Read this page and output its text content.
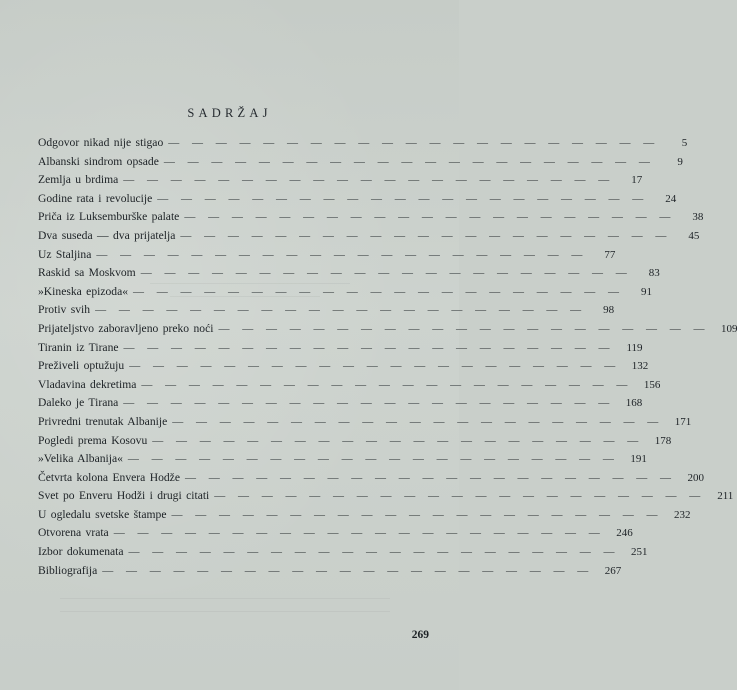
SADRŽAJ
Odgovor nikad nije stigao — — — — — — — — — — — — — — — — — — — — —	5
Albanski sindrom opsade — — — — — — — — — — — — — — — — — — — — —	9
Zemlja u brdima — — — — — — — — — — — — — — — — — — — — —	17
Godine rata i revolucije — — — — — — — — — — — — — — — — — — — — —	24
Priča iz Luksemburške palate — — — — — — — — — — — — — — — — — — — — —	38
Dva suseda — dva prijatelja — — — — — — — — — — — — — — — — — — — — —	45
Uz Staljina — — — — — — — — — — — — — — — — — — — — —	77
Raskid sa Moskvom — — — — — — — — — — — — — — — — — — — — —	83
»Kineska epizoda« — — — — — — — — — — — — — — — — — — — — —	91
Protiv svih — — — — — — — — — — — — — — — — — — — — —	98
Prijateljstvo zaboravljeno preko noći — — — — — — — — — — — — — — — — — — — — —	109
Tiranin iz Tirane — — — — — — — — — — — — — — — — — — — — —	119
Preživeli optužuju — — — — — — — — — — — — — — — — — — — — —	132
Vladavina dekretima — — — — — — — — — — — — — — — — — — — — —	156
Daleko je Tirana — — — — — — — — — — — — — — — — — — — — —	168
Privredni trenutak Albanije — — — — — — — — — — — — — — — — — — — — —	171
Pogledi prema Kosovu — — — — — — — — — — — — — — — — — — — — —	178
»Velika Albanija« — — — — — — — — — — — — — — — — — — — — —	191
Četvrta kolona Envera Hodže — — — — — — — — — — — — — — — — — — — — —	200
Svet po Enveru Hodži i drugi citati — — — — — — — — — — — — — — — — — — — — —	211
U ogledalu svetske štampe — — — — — — — — — — — — — — — — — — — — —	232
Otvorena vrata — — — — — — — — — — — — — — — — — — — — —	246
Izbor dokumenata — — — — — — — — — — — — — — — — — — — — —	251
Bibliografija — — — — — — — — — — — — — — — — — — — — —	267
269
